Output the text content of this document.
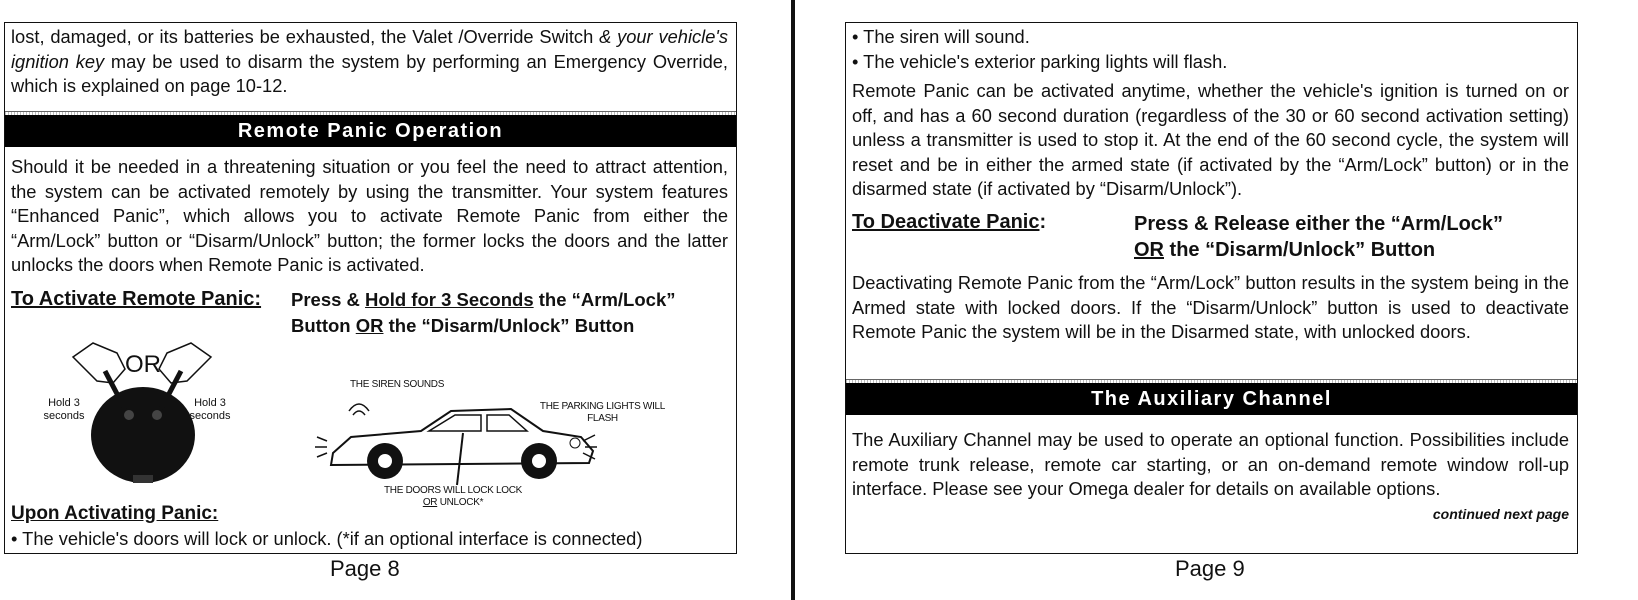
lost, damaged, or its batteries be exhausted, the Valet /Override Switch & your vehicle's ignition key may be used to disarm the system by performing an Emergency Override, which is explained on page 10-12.
Remote Panic Operation
Should it be needed in a threatening situation or you feel the need to attract attention, the system can be activated remotely by using the transmitter. Your system features “Enhanced Panic”, which allows you to activate Remote Panic from either the “Arm/Lock” button or “Disarm/Unlock” button; the former locks the doors and the latter unlocks the doors when Remote Panic is activated.
To Activate Remote Panic: Press & Hold for 3 Seconds the “Arm/Lock”
Button OR the “Disarm/Unlock” Button
OR
Hold 3 seconds
Hold 3 seconds
THE SIREN SOUNDS
THE PARKING LIGHTS WILL FLASH
THE DOORS WILL LOCK LOCK
OR UNLOCK*
Upon Activating Panic:
• The vehicle's doors will lock or unlock. (*if an optional interface is connected)
Page 8
• The siren will sound.
• The vehicle's exterior parking lights will flash.
Remote Panic can be activated anytime, whether the vehicle's ignition is turned on or off, and has a 60 second duration (regardless of the 30 or 60 second activation setting) unless a transmitter is used to stop it. At the end of the 60 second cycle, the system will reset and be in either the armed state (if activated by the “Arm/Lock” button) or in the disarmed state (if activated by “Disarm/Unlock”).
To Deactivate Panic:	Press & Release either the “Arm/Lock”
OR the “Disarm/Unlock” Button
Deactivating Remote Panic from the “Arm/Lock” button results in the system being in the Armed state with locked doors. If the “Disarm/Unlock” button is used to deactivate Remote Panic the system will be in the Disarmed state, with unlocked doors.
The Auxiliary Channel
The Auxiliary Channel may be used to operate an optional function. Possibilities include remote trunk release, remote car starting, or an on-demand remote window roll-up interface. Please see your Omega dealer for details on available options.
continued next page
Page 9
